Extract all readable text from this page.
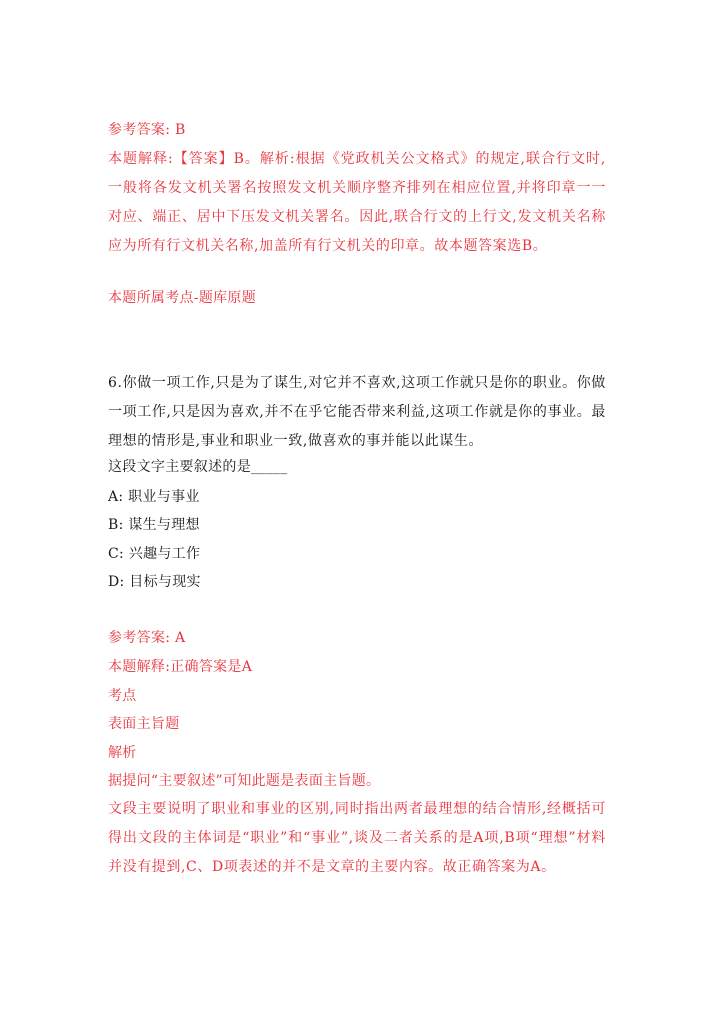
参考答案: B
本题解释:【答案】B。解析:根据《党政机关公文格式》的规定,联合行文时,一般将各发文机关署名按照发文机关顺序整齐排列在相应位置,并将印章一一对应、端正、居中下压发文机关署名。因此,联合行文的上行文,发文机关名称应为所有行文机关名称,加盖所有行文机关的印章。故本题答案选B。
本题所属考点-题库原题
6.你做一项工作,只是为了谋生,对它并不喜欢,这项工作就只是你的职业。你做一项工作,只是因为喜欢,并不在乎它能否带来利益,这项工作就是你的事业。最理想的情形是,事业和职业一致,做喜欢的事并能以此谋生。
这段文字主要叙述的是_____
A: 职业与事业
B: 谋生与理想
C: 兴趣与工作
D: 目标与现实
参考答案: A
本题解释:正确答案是A
考点
表面主旨题
解析
据提问“主要叙述”可知此题是表面主旨题。
文段主要说明了职业和事业的区别,同时指出两者最理想的结合情形,经概括可得出文段的主体词是“职业”和“事业”,谈及二者关系的是A项,B项“理想”材料并没有提到,C、D项表述的并不是文章的主要内容。故正确答案为A。
